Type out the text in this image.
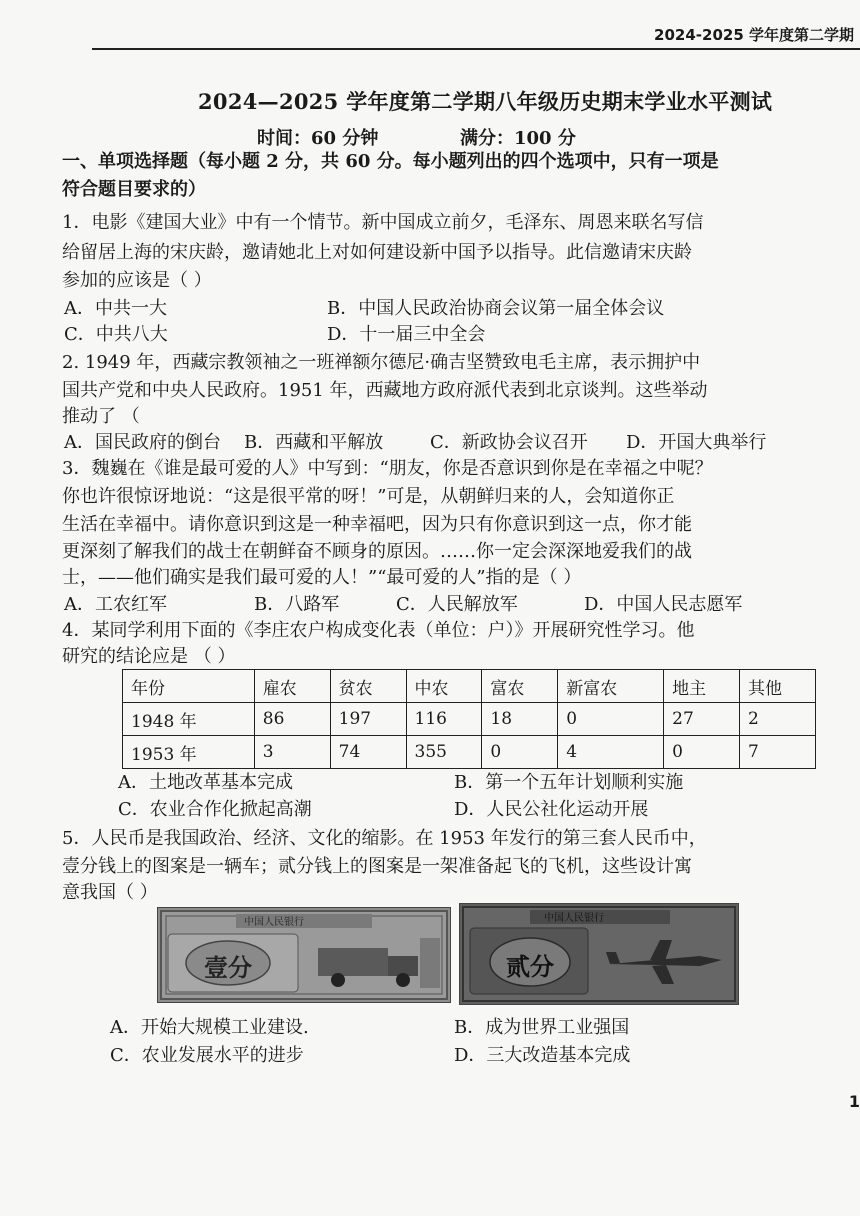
2024-2025 学年度第二学期
2024—2025 学年度第二学期八年级历史期末学业水平测试
时间：60 分钟	满分：100 分
一、单项选择题（每小题 2 分，共 60 分。每小题列出的四个选项中，只有一项是
符合题目要求的）
1．电影《建国大业》中有一个情节。新中国成立前夕，毛泽东、周恩来联名写信
给留居上海的宋庆龄，邀请她北上对如何建设新中国予以指导。此信邀请宋庆龄
参加的应该是（ ）
A．中共一大	B．中国人民政治协商会议第一届全体会议
C．中共八大	D．十一届三中全会
2. 1949 年，西藏宗教领袖之一班禅额尔德尼·确吉坚赞致电毛主席，表示拥护中
国共产党和中央人民政府。1951 年，西藏地方政府派代表到北京谈判。这些举动
推动了 （
A．国民政府的倒台 B．西藏和平解放	C．新政协会议召开 D．开国大典举行
3．魏巍在《谁是最可爱的人》中写到：“朋友，你是否意识到你是在幸福之中呢？
你也许很惊讶地说：“这是很平常的呀！”可是，从朝鲜归来的人，会知道你正
生活在幸福中。请你意识到这是一种幸福吧，因为只有你意识到这一点，你才能
更深刻了解我们的战士在朝鲜奋不顾身的原因。……你一定会深深地爱我们的战
士，——他们确实是我们最可爱的人！”“最可爱的人”指的是（ ）
A．工农红军	B．八路军	C．人民解放军	D．中国人民志愿军
4．某同学利用下面的《李庄农户构成变化表（单位：户）》开展研究性学习。他
研究的结论应是 （ ）
年份	雇农	贫农	中农	富农	新富农	地主	其他
1948 年	86	197	116	18	0	27	2
1953 年	3	74	355	0	4	0	7
A．土地改革基本完成	B．第一个五年计划顺利实施
C．农业合作化掀起高潮	D．人民公社化运动开展
5．人民币是我国政治、经济、文化的缩影。在 1953 年发行的第三套人民币中，
壹分钱上的图案是一辆车；贰分钱上的图案是一架准备起飞的飞机，这些设计寓
意我国（ ）
中国人民银行
壹分
中国人民银行
贰分
A．开始大规模工业建设.	B．成为世界工业强国
C．农业发展水平的进步	D．三大改造基本完成
1
